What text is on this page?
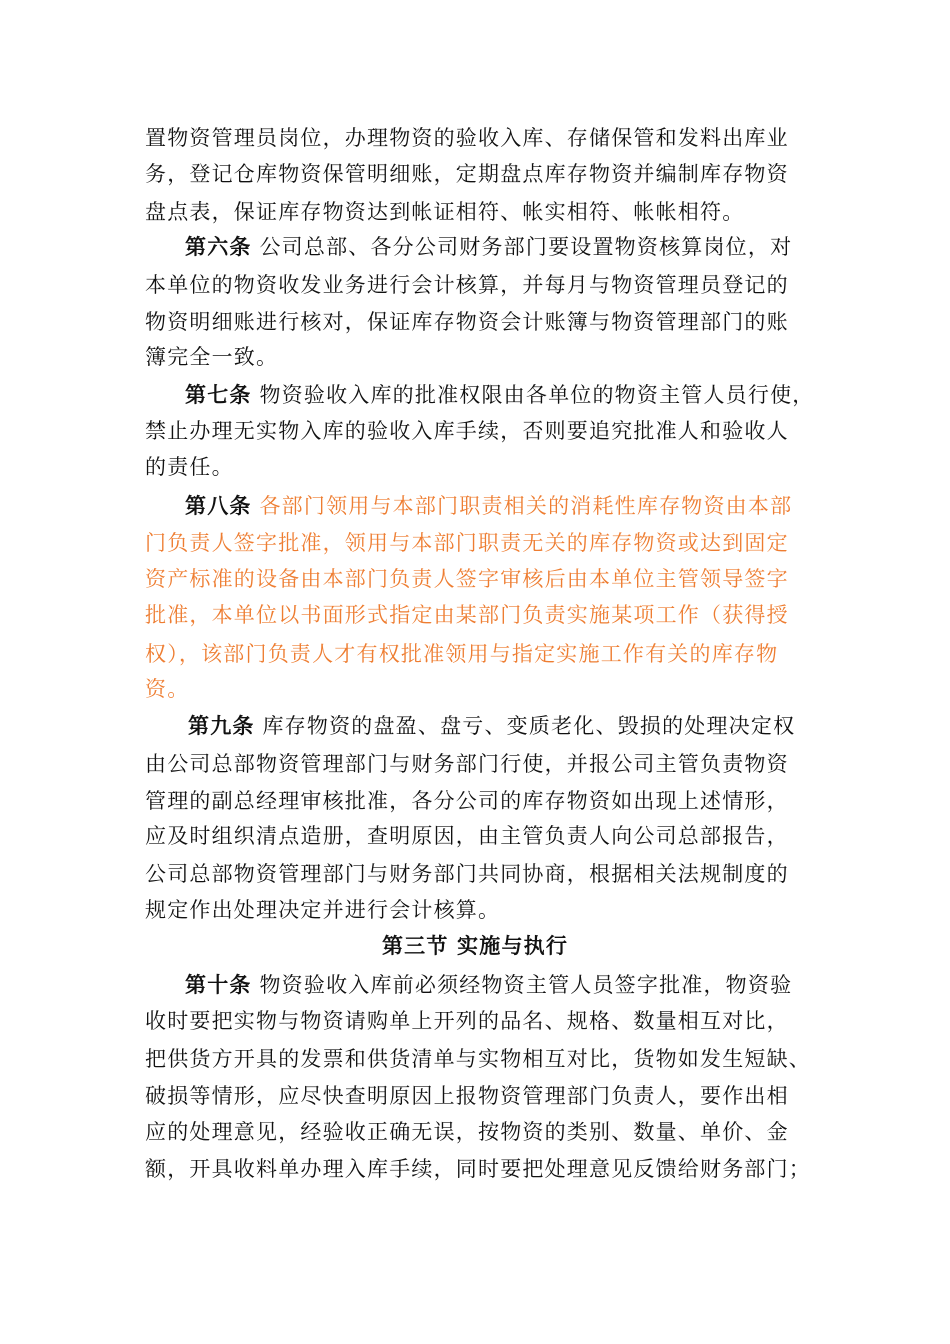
置物资管理员岗位，办理物资的验收入库、存储保管和发料出库业
务，登记仓库物资保管明细账，定期盘点库存物资并编制库存物资
盘点表，保证库存物资达到帐证相符、帐实相符、帐帐相符。
第六条 公司总部、各分公司财务部门要设置物资核算岗位，对
本单位的物资收发业务进行会计核算，并每月与物资管理员登记的
物资明细账进行核对，保证库存物资会计账簿与物资管理部门的账
簿完全一致。
第七条 物资验收入库的批准权限由各单位的物资主管人员行使，
禁止办理无实物入库的验收入库手续，否则要追究批准人和验收人
的责任。
第八条 各部门领用与本部门职责相关的消耗性库存物资由本部
门负责人签字批准，领用与本部门职责无关的库存物资或达到固定
资产标准的设备由本部门负责人签字审核后由本单位主管领导签字
批准，本单位以书面形式指定由某部门负责实施某项工作（获得授
权），该部门负责人才有权批准领用与指定实施工作有关的库存物
资。
第九条 库存物资的盘盈、盘亏、变质老化、毁损的处理决定权
由公司总部物资管理部门与财务部门行使，并报公司主管负责物资
管理的副总经理审核批准，各分公司的库存物资如出现上述情形，
应及时组织清点造册，查明原因，由主管负责人向公司总部报告，
公司总部物资管理部门与财务部门共同协商，根据相关法规制度的
规定作出处理决定并进行会计核算。
第三节 实施与执行
第十条 物资验收入库前必须经物资主管人员签字批准，物资验
收时要把实物与物资请购单上开列的品名、规格、数量相互对比，
把供货方开具的发票和供货清单与实物相互对比，货物如发生短缺、
破损等情形，应尽快查明原因上报物资管理部门负责人，要作出相
应的处理意见，经验收正确无误，按物资的类别、数量、单价、金
额，开具收料单办理入库手续，同时要把处理意见反馈给财务部门；
